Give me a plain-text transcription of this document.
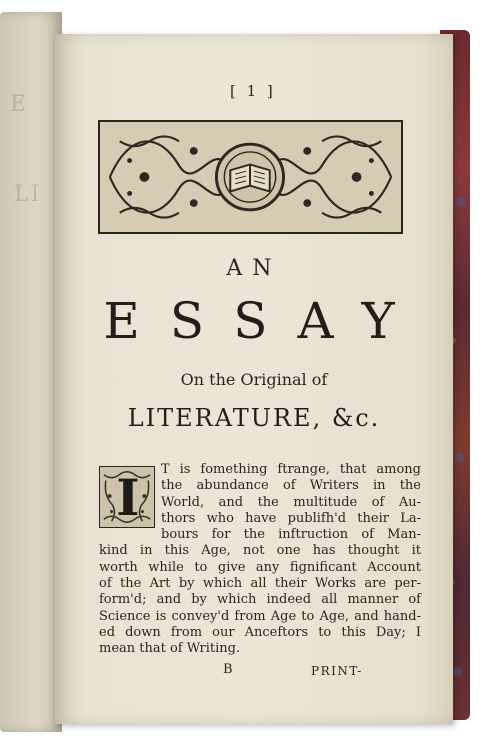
E
LI
[ 1 ]
AN
ESSAY
On the Original of
LITERATURE, &c.
I	T is fomething ftrange, that among
the abundance of Writers in the
World, and the multitude of Au-
thors who have publifh'd their La-
bours for the inftruction of Man-
kind in this Age, not one has thought it
worth while to give any fignificant Account
of the Art by which all their Works are per-
form'd; and by which indeed all manner of
Science is convey'd from Age to Age, and hand-
ed down from our Anceftors to this Day; I
mean that of Writing.
B	PRINT-
